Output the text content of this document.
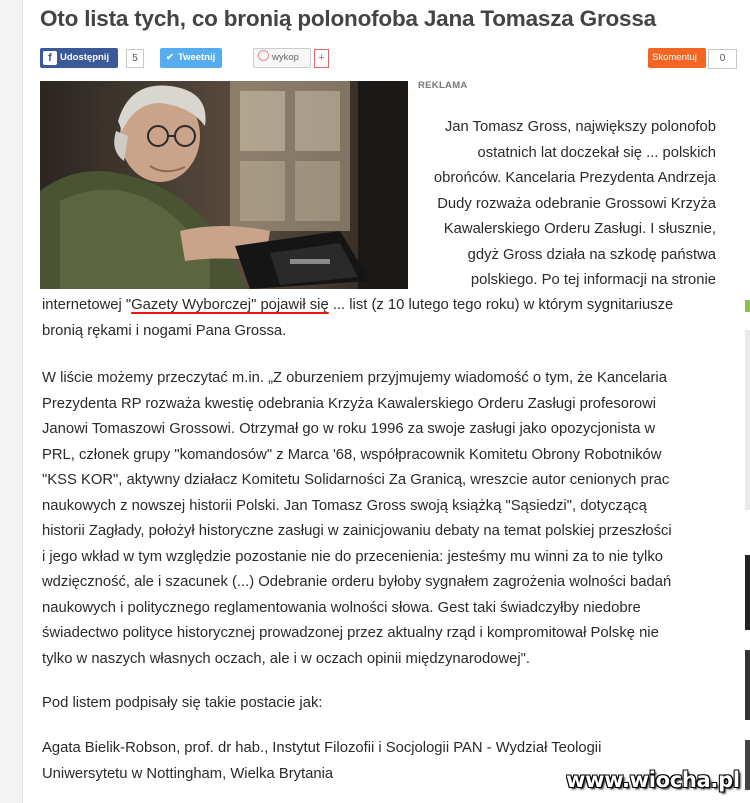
Oto lista tych, co bronią polonofoba Jana Tomasza Grossa
f Udostępnij	5	✔ Tweetnij	wykop	+	Skomentuj	0
REKLAMA
Jan Tomasz Gross, największy polonofob
ostatnich lat doczekał się ... polskich
obrońców. Kancelaria Prezydenta Andrzeja
Dudy rozważa odebranie Grossowi Krzyża
Kawalerskiego Orderu Zasługi. I słusznie,
gdyż Gross działa na szkodę państwa
polskiego. Po tej informacji na stronie
internetowej "Gazety Wyborczej" pojawił się ... list (z 10 lutego tego roku) w którym sygnitariusze
bronią rękami i nogami Pana Grossa.
W liście możemy przeczytać m.in. „Z oburzeniem przyjmujemy wiadomość o tym, że Kancelaria
Prezydenta RP rozważa kwestię odebrania Krzyża Kawalerskiego Orderu Zasługi profesorowi
Janowi Tomaszowi Grossowi. Otrzymał go w roku 1996 za swoje zasługi jako opozycjonista w
PRL, członek grupy "komandosów" z Marca '68, współpracownik Komitetu Obrony Robotników
"KSS KOR", aktywny działacz Komitetu Solidarności Za Granicą, wreszcie autor cenionych prac
naukowych z nowszej historii Polski. Jan Tomasz Gross swoją książką "Sąsiedzi", dotyczącą
historii Zagłady, położył historyczne zasługi w zainicjowaniu debaty na temat polskiej przeszłości
i jego wkład w tym względzie pozostanie nie do przecenienia: jesteśmy mu winni za to nie tylko
wdzięczność, ale i szacunek (...) Odebranie orderu byłoby sygnałem zagrożenia wolności badań
naukowych i politycznego reglamentowania wolności słowa. Gest taki świadczyłby niedobre
świadectwo polityce historycznej prowadzonej przez aktualny rząd i kompromitował Polskę nie
tylko w naszych własnych oczach, ale i w oczach opinii międzynarodowej".
Pod listem podpisały się takie postacie jak:
Agata Bielik-Robson, prof. dr hab., Instytut Filozofii i Socjologii PAN - Wydział Teologii
Uniwersytetu w Nottingham, Wielka Brytania	www.wiocha.pl
